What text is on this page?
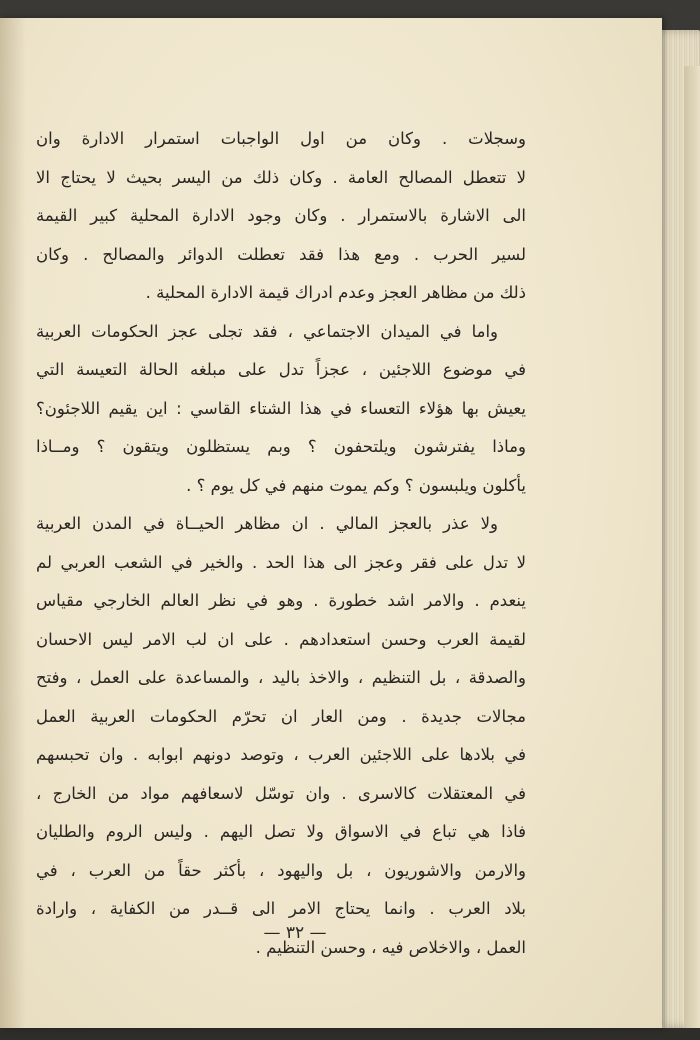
وسجلات . وكان من اول الواجبات استمرار الادارة وان
لا تتعطل المصالح العامة . وكان ذلك من اليسر بحيث لا يحتاج الا
الى الاشارة بالاستمرار . وكان وجود الادارة المحلية كبير القيمة
لسير الحرب . ومع هذا فقد تعطلت الدوائر والمصالح . وكان
ذلك من مظاهر العجز وعدم ادراك قيمة الادارة المحلية .
واما في الميدان الاجتماعي ، فقد تجلى عجز الحكومات العربية
في موضوع اللاجئين ، عجزاً تدل على مبلغه الحالة التعيسة التي
يعيش بها هؤلاء التعساء في هذا الشتاء القاسي : اين يقيم اللاجئون؟
وماذا يفترشون ويلتحفون ؟ وبم يستظلون ويتقون ؟ ومــاذا
يأكلون ويلبسون ؟ وكم يموت منهم في كل يوم ؟ .
ولا عذر بالعجز المالي . ان مظاهر الحيــاة في المدن العربية
لا تدل على فقر وعجز الى هذا الحد . والخير في الشعب العربي لم
ينعدم . والامر اشد خطورة . وهو في نظر العالم الخارجي مقياس
لقيمة العرب وحسن استعدادهم . على ان لب الامر ليس الاحسان
والصدقة ، بل التنظيم ، والاخذ باليد ، والمساعدة على العمل ، وفتح
مجالات جديدة . ومن العار ان تحرّم الحكومات العربية العمل
في بلادها على اللاجئين العرب ، وتوصد دونهم ابوابه . وان تحبسهم
في المعتقلات كالاسرى . وان توسّل لاسعافهم مواد من الخارج ،
فاذا هي تباع في الاسواق ولا تصل اليهم . وليس الروم والطليان
والارمن والاشوريون ، بل واليهود ، بأكثر حقاً من العرب ، في
بلاد العرب . وانما يحتاج الامر الى قــدر من الكفاية ، وارادة
العمل ، والاخلاص فيه ، وحسن التنظيم .
— ٣٢ —
